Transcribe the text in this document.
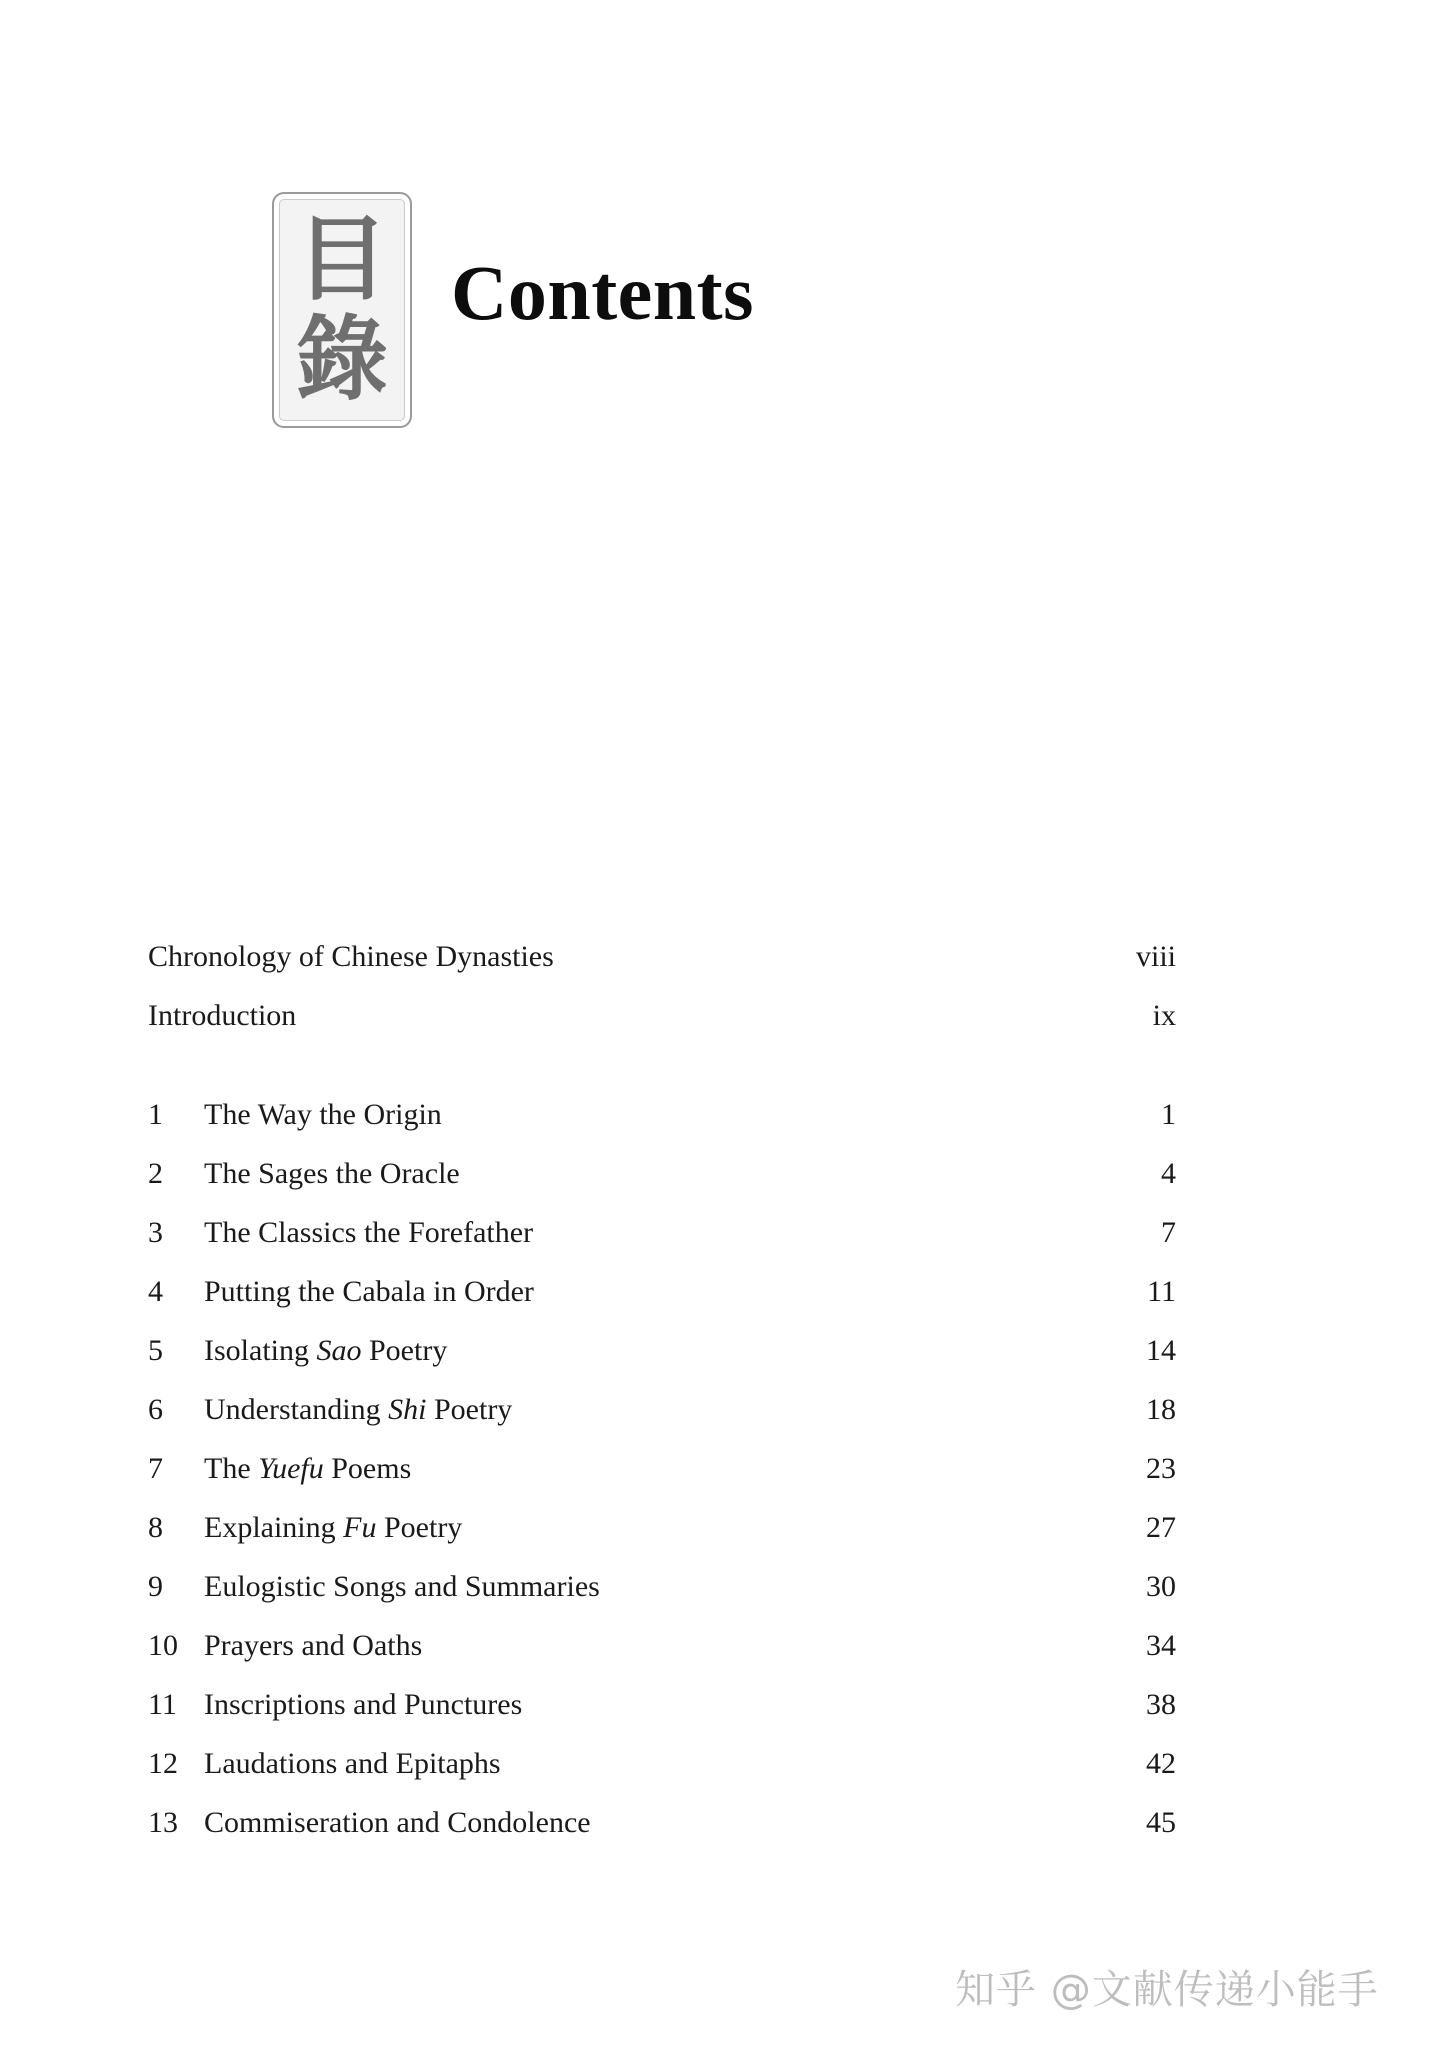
目
錄
Contents
Chronology of Chinese Dynasties	viii
Introduction	ix
1	The Way the Origin	1
2	The Sages the Oracle	4
3	The Classics the Forefather	7
4	Putting the Cabala in Order	11
5	Isolating Sao Poetry	14
6	Understanding Shi Poetry	18
7	The Yuefu Poems	23
8	Explaining Fu Poetry	27
9	Eulogistic Songs and Summaries	30
10 Prayers and Oaths	34
11 Inscriptions and Punctures	38
12 Laudations and Epitaphs	42
13 Commiseration and Condolence	45
知乎 @文献传递小能手
